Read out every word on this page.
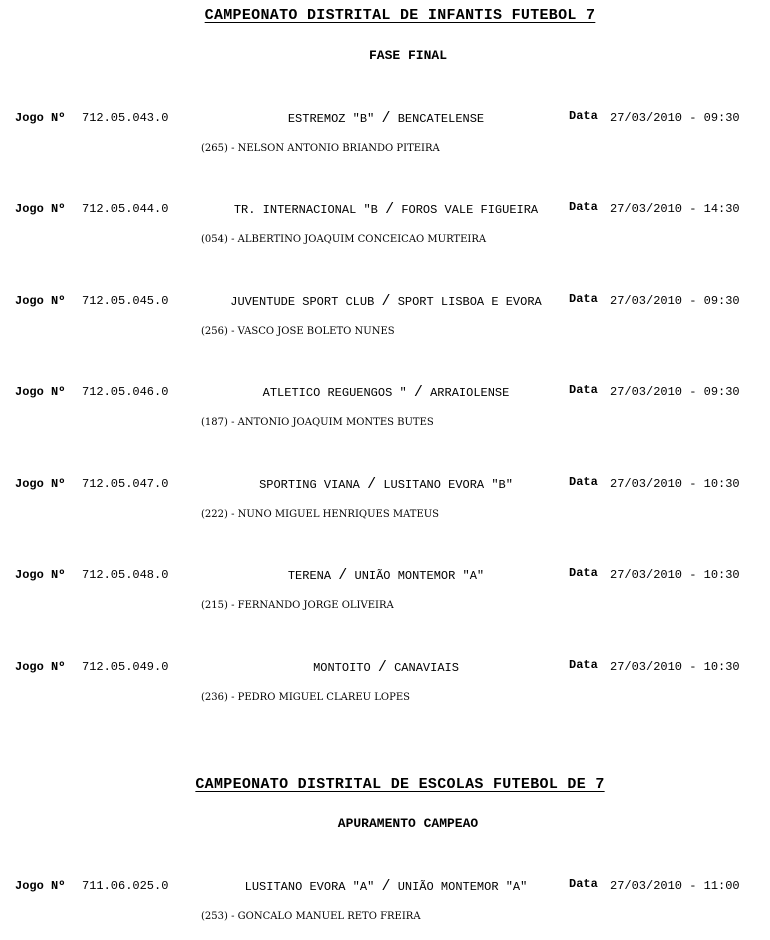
CAMPEONATO DISTRITAL DE INFANTIS FUTEBOL 7
FASE FINAL
Jogo Nº 712.05.043.0	ESTREMOZ "B" / BENCATELENSE	Data 27/03/2010 - 09:30
(265) - NELSON ANTONIO BRIANDO PITEIRA
Jogo Nº 712.05.044.0	TR. INTERNACIONAL "B / FOROS VALE FIGUEIRA	Data 27/03/2010 - 14:30
(054) - ALBERTINO JOAQUIM CONCEICAO MURTEIRA
Jogo Nº 712.05.045.0	JUVENTUDE SPORT CLUB / SPORT LISBOA E EVORA	Data 27/03/2010 - 09:30
(256) - VASCO JOSE BOLETO NUNES
Jogo Nº 712.05.046.0	ATLETICO REGUENGOS " / ARRAIOLENSE	Data 27/03/2010 - 09:30
(187) - ANTONIO JOAQUIM MONTES BUTES
Jogo Nº 712.05.047.0	SPORTING VIANA / LUSITANO EVORA "B"	Data 27/03/2010 - 10:30
(222) - NUNO MIGUEL HENRIQUES MATEUS
Jogo Nº 712.05.048.0	TERENA / UNIÃO MONTEMOR "A"	Data 27/03/2010 - 10:30
(215) - FERNANDO JORGE OLIVEIRA
Jogo Nº 712.05.049.0	MONTOITO / CANAVIAIS	Data 27/03/2010 - 10:30
(236) - PEDRO MIGUEL CLAREU LOPES
CAMPEONATO DISTRITAL DE ESCOLAS FUTEBOL DE 7
APURAMENTO CAMPEAO
Jogo Nº 711.06.025.0	LUSITANO EVORA "A" / UNIÃO MONTEMOR "A"	Data 27/03/2010 - 11:00
(253) - GONCALO MANUEL RETO FREIRA
